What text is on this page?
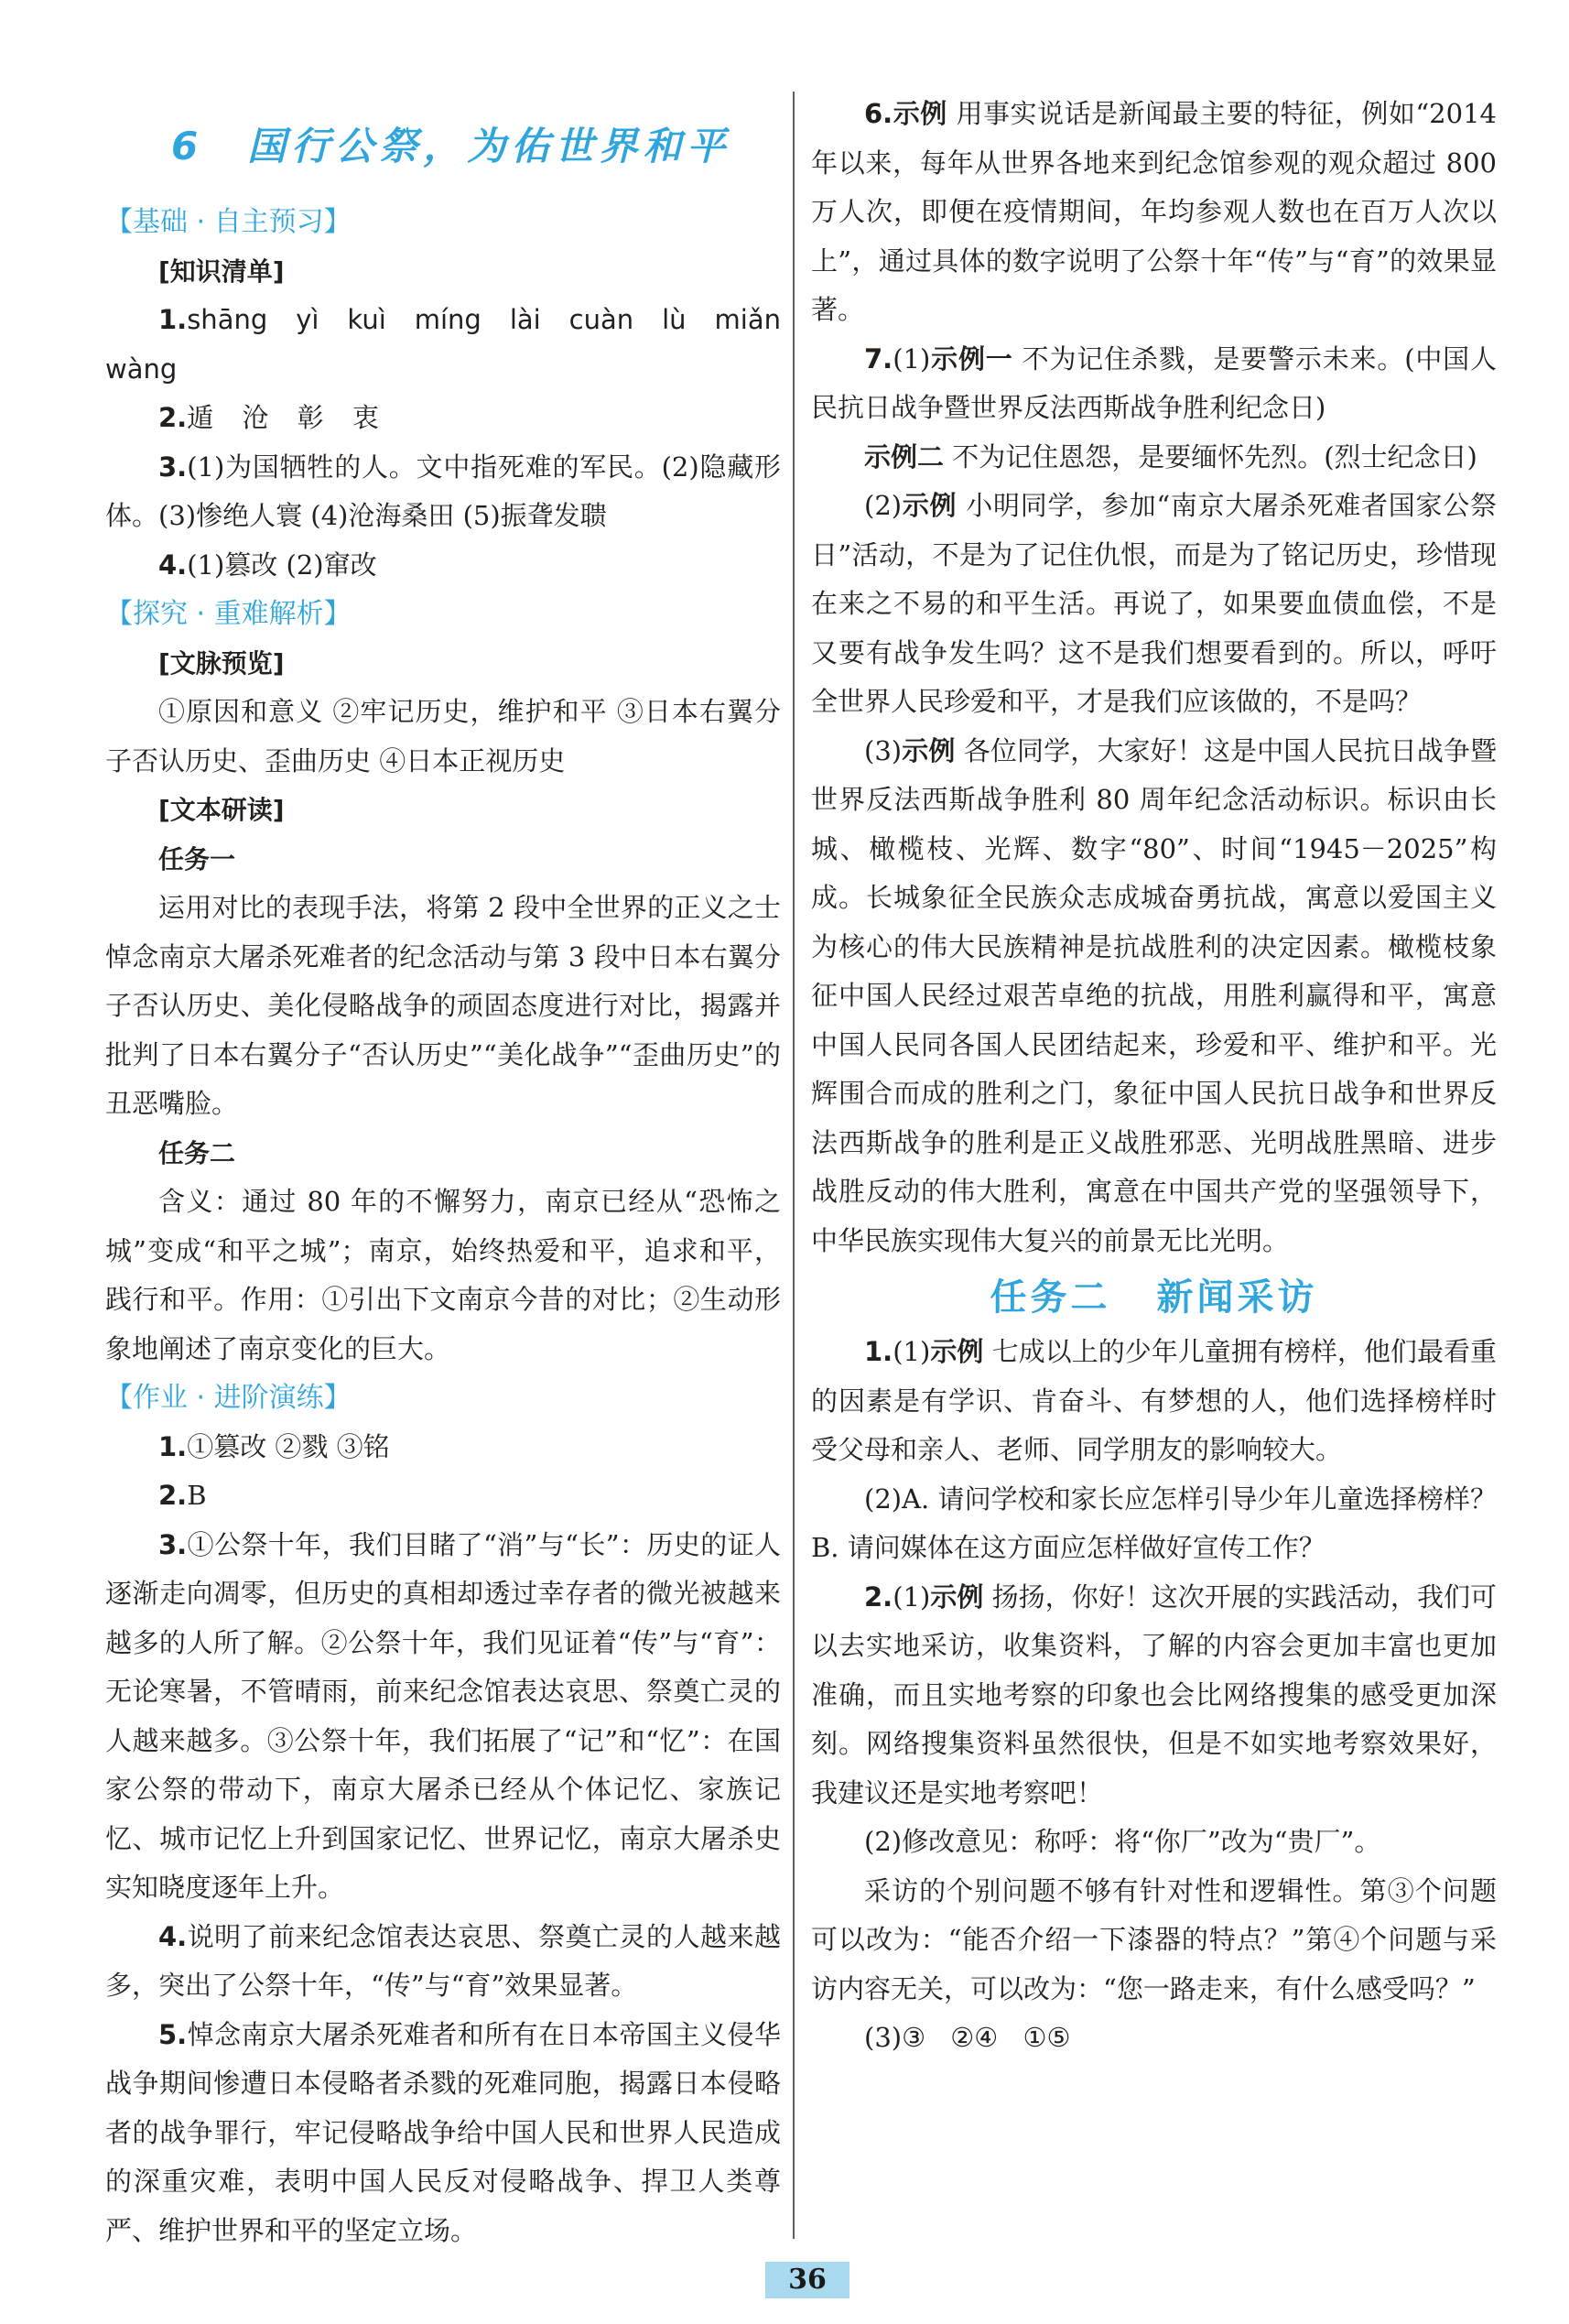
6 国行公祭，为佑世界和平

【基础 · 自主预习】

[知识清单]

1.shāng yì kuì míng lài cuàn lù miǎn wàng

2.遁 沧 彰 衷

3.(1)为国牺牲的人。文中指死难的军民。(2)隐藏形体。(3)惨绝人寰 (4)沧海桑田 (5)振聋发聩

4.(1)篡改 (2)窜改

【探究 · 重难解析】

[文脉预览]

①原因和意义 ②牢记历史，维护和平 ③日本右翼分子否认历史、歪曲历史 ④日本正视历史

[文本研读]

任务一

运用对比的表现手法，将第 2 段中全世界的正义之士悼念南京大屠杀死难者的纪念活动与第 3 段中日本右翼分子否认历史、美化侵略战争的顽固态度进行对比，揭露并批判了日本右翼分子“否认历史”“美化战争”“歪曲历史”的丑恶嘴脸。

任务二

含义：通过 80 年的不懈努力，南京已经从“恐怖之城”变成“和平之城”；南京，始终热爱和平，追求和平，践行和平。作用：①引出下文南京今昔的对比；②生动形象地阐述了南京变化的巨大。

【作业 · 进阶演练】

1.①篡改 ②戮 ③铭

2.B

3.①公祭十年，我们目睹了“消”与“长”：历史的证人逐渐走向凋零，但历史的真相却透过幸存者的微光被越来越多的人所了解。②公祭十年，我们见证着“传”与“育”：无论寒暑，不管晴雨，前来纪念馆表达哀思、祭奠亡灵的人越来越多。③公祭十年，我们拓展了“记”和“忆”：在国家公祭的带动下，南京大屠杀已经从个体记忆、家族记忆、城市记忆上升到国家记忆、世界记忆，南京大屠杀史实知晓度逐年上升。

4.说明了前来纪念馆表达哀思、祭奠亡灵的人越来越多，突出了公祭十年，“传”与“育”效果显著。

5.悼念南京大屠杀死难者和所有在日本帝国主义侵华战争期间惨遭日本侵略者杀戮的死难同胞，揭露日本侵略者的战争罪行，牢记侵略战争给中国人民和世界人民造成的深重灾难，表明中国人民反对侵略战争、捍卫人类尊严、维护世界和平的坚定立场。

6.示例 用事实说话是新闻最主要的特征，例如“2014 年以来，每年从世界各地来到纪念馆参观的观众超过 800 万人次，即便在疫情期间，年均参观人数也在百万人次以上”，通过具体的数字说明了公祭十年“传”与“育”的效果显著。

7.(1)示例一 不为记住杀戮，是要警示未来。(中国人民抗日战争暨世界反法西斯战争胜利纪念日)

示例二 不为记住恩怨，是要缅怀先烈。(烈士纪念日)

(2)示例 小明同学，参加“南京大屠杀死难者国家公祭日”活动，不是为了记住仇恨，而是为了铭记历史，珍惜现在来之不易的和平生活。再说了，如果要血债血偿，不是又要有战争发生吗？这不是我们想要看到的。所以，呼吁全世界人民珍爱和平，才是我们应该做的，不是吗？

(3)示例 各位同学，大家好！这是中国人民抗日战争暨世界反法西斯战争胜利 80 周年纪念活动标识。标识由长城、橄榄枝、光辉、数字“80”、时间“1945－2025”构成。长城象征全民族众志成城奋勇抗战，寓意以爱国主义为核心的伟大民族精神是抗战胜利的决定因素。橄榄枝象征中国人民经过艰苦卓绝的抗战，用胜利赢得和平，寓意中国人民同各国人民团结起来，珍爱和平、维护和平。光辉围合而成的胜利之门，象征中国人民抗日战争和世界反法西斯战争的胜利是正义战胜邪恶、光明战胜黑暗、进步战胜反动的伟大胜利，寓意在中国共产党的坚强领导下，中华民族实现伟大复兴的前景无比光明。

任务二 新闻采访

1.(1)示例 七成以上的少年儿童拥有榜样，他们最看重的因素是有学识、肯奋斗、有梦想的人，他们选择榜样时受父母和亲人、老师、同学朋友的影响较大。

(2)A. 请问学校和家长应怎样引导少年儿童选择榜样？ B. 请问媒体在这方面应怎样做好宣传工作？

2.(1)示例 扬扬，你好！这次开展的实践活动，我们可以去实地采访，收集资料，了解的内容会更加丰富也更加准确，而且实地考察的印象也会比网络搜集的感受更加深刻。网络搜集资料虽然很快，但是不如实地考察效果好，我建议还是实地考察吧！

(2)修改意见：称呼：将“你厂”改为“贵厂”。

采访的个别问题不够有针对性和逻辑性。第③个问题可以改为：“能否介绍一下漆器的特点？”第④个问题与采访内容无关，可以改为：“您一路走来，有什么感受吗？”

(3)③ ②④ ①⑤

36
